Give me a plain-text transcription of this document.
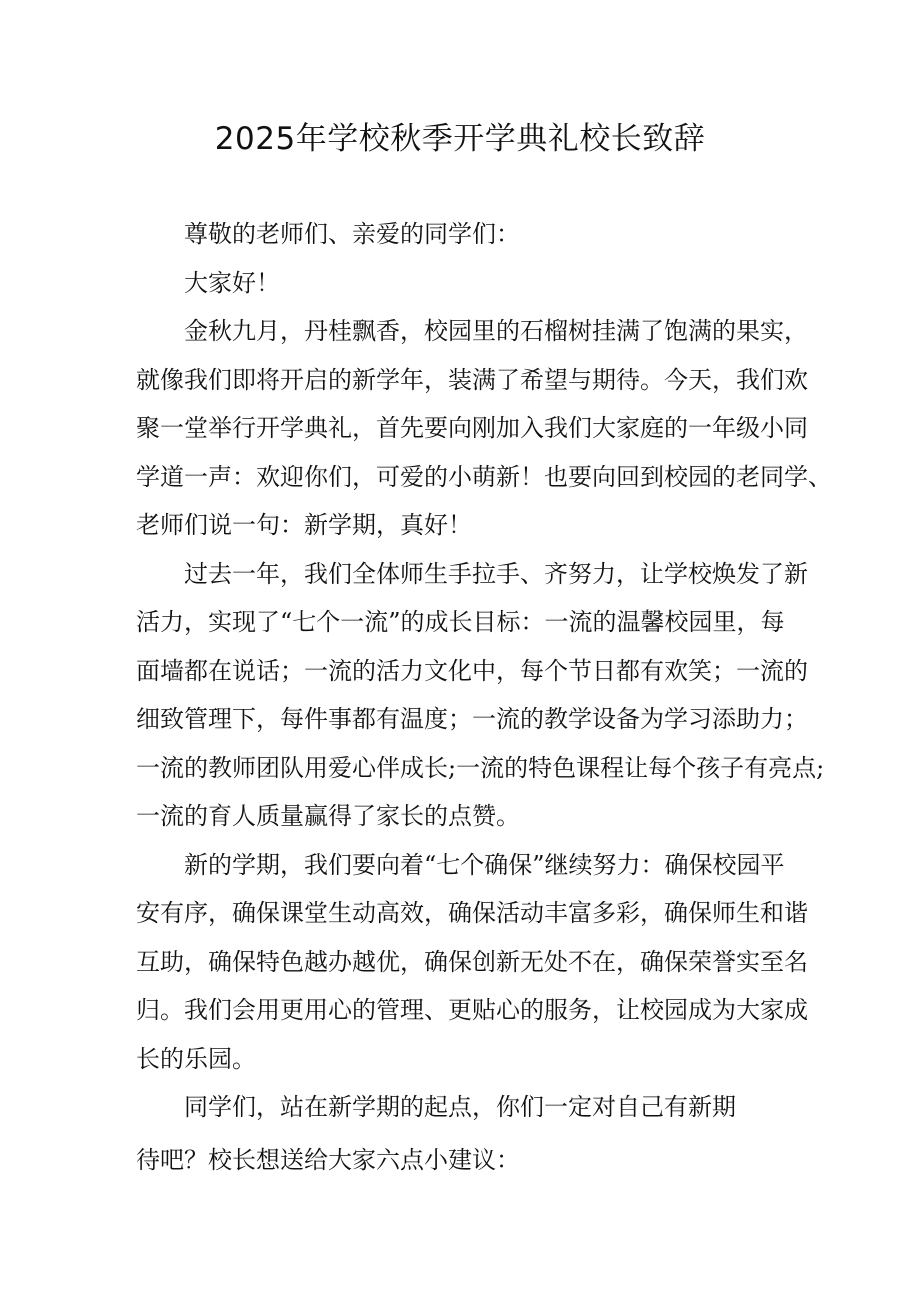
2025年学校秋季开学典礼校长致辞
尊敬的老师们、亲爱的同学们：
大家好！
金秋九月，丹桂飘香，校园里的石榴树挂满了饱满的果实，
就像我们即将开启的新学年，装满了希望与期待。今天，我们欢
聚一堂举行开学典礼，首先要向刚加入我们大家庭的一年级小同
学道一声：欢迎你们，可爱的小萌新！也要向回到校园的老同学、
老师们说一句：新学期，真好！
过去一年，我们全体师生手拉手、齐努力，让学校焕发了新
活力，实现了“七个一流”的成长目标：一流的温馨校园里，每
面墙都在说话；一流的活力文化中，每个节日都有欢笑；一流的
细致管理下，每件事都有温度；一流的教学设备为学习添助力；
一流的教师团队用爱心伴成长;一流的特色课程让每个孩子有亮点;
一流的育人质量赢得了家长的点赞。
新的学期，我们要向着“七个确保”继续努力：确保校园平
安有序，确保课堂生动高效，确保活动丰富多彩，确保师生和谐
互助，确保特色越办越优，确保创新无处不在，确保荣誉实至名
归。我们会用更用心的管理、更贴心的服务，让校园成为大家成
长的乐园。
同学们，站在新学期的起点，你们一定对自己有新期
待吧？校长想送给大家六点小建议：
